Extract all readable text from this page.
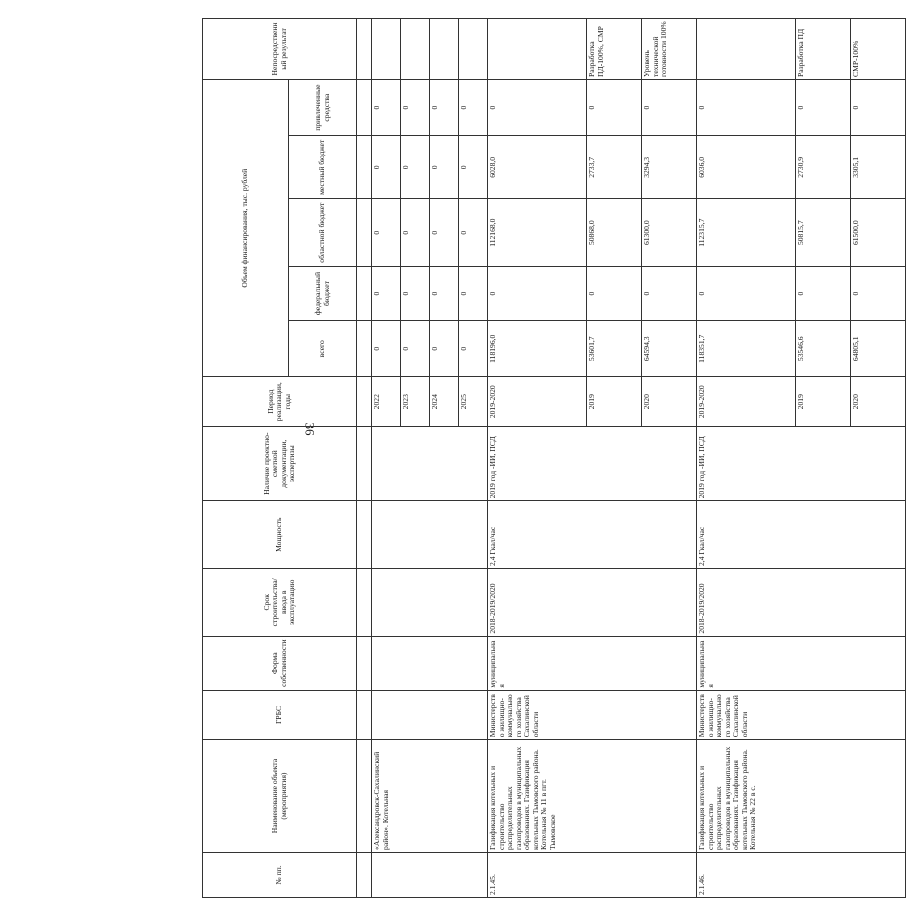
36
№ пп.	Наименование объекта (мероприятия)	ГРБС	Форма собственности	Срок строительства/ ввода в эксплуатацию	Мощность	Наличие проектно-сметной документации, экспертизы	Период реализации, годы	Объем финансирования, тыс. рублей					Непосредственный результат
								всего	федеральный бюджет	областной бюджет	местный бюджет	привлеченные средства	

	«Александровск-Сахалинский район». Котельная						2022	0	0	0	0	0	
							2023	0	0	0	0	0	
							2024	0	0	0	0	0	
							2025	0	0	0	0	0	
2.1.45.	Газификация котельных и строительство распределительных газопроводов в муниципальных образованиях. Газификация котельных Тымовского района. Котельная № 11 в пгт. Тымовское	Министерство жилищно-коммунального хозяйства Сахалинской области	муниципальная	2018-2019/2020	2,4 Гкал/час	2019 год -ИИ, ПСД	2019-2020	118196,0	0	112168,0	6028,0	0	
							2019	53601,7	0	50868,0	2733,7	0	Разработка ПД-100%, СМР
							2020	64594,3	0	61300,0	3294,3	0	Уровень технической готовности 100%
2.1.46.	Газификация котельных и строительство распределительных газопроводов в муниципальных образованиях. Газификация котельных Тымовского района. Котельная № 22 в с.	Министерство жилищно-коммунального хозяйства Сахалинской области	муниципальная	2018-2019/2020	2,4 Гкал/час	2019 год -ИИ, ПСД	2019-2020	118351,7	0	112315,7	6036,0	0	
							2019	53546,6	0	50815,7	2730,9	0	Разработка ПД
							2020	64805,1	0	61500,0	3305,1	0	СМР-100%
